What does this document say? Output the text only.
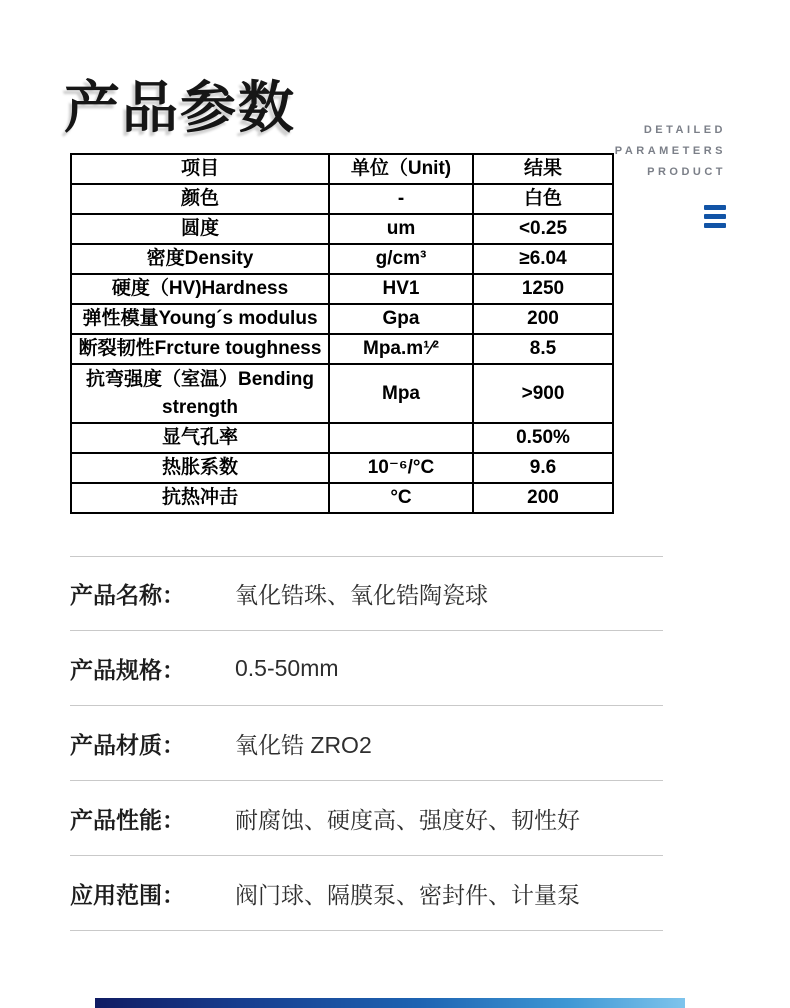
产品参数	DETAILED
PARAMETERS
PRODUCT
项目	单位（Unit)	结果
颜色	-	白色
圆度	um	<0.25
密度Density	g/cm³	≥6.04
硬度（HV)Hardness	HV1	1250
弹性模量Young´s modulus	Gpa	200
断裂韧性Frcture toughness	Mpa.m¹⁄²	8.5
抗弯强度（室温）Bending strength	Mpa	>900
显气孔率		0.50%
热胀系数	10⁻⁶/°C	9.6
抗热冲击	°C	200
产品名称：	氧化锆珠、氧化锆陶瓷球
产品规格：	0.5-50mm
产品材质：	氧化锆 ZRO2
产品性能：	耐腐蚀、硬度高、强度好、韧性好
应用范围：	阀门球、隔膜泵、密封件、计量泵
